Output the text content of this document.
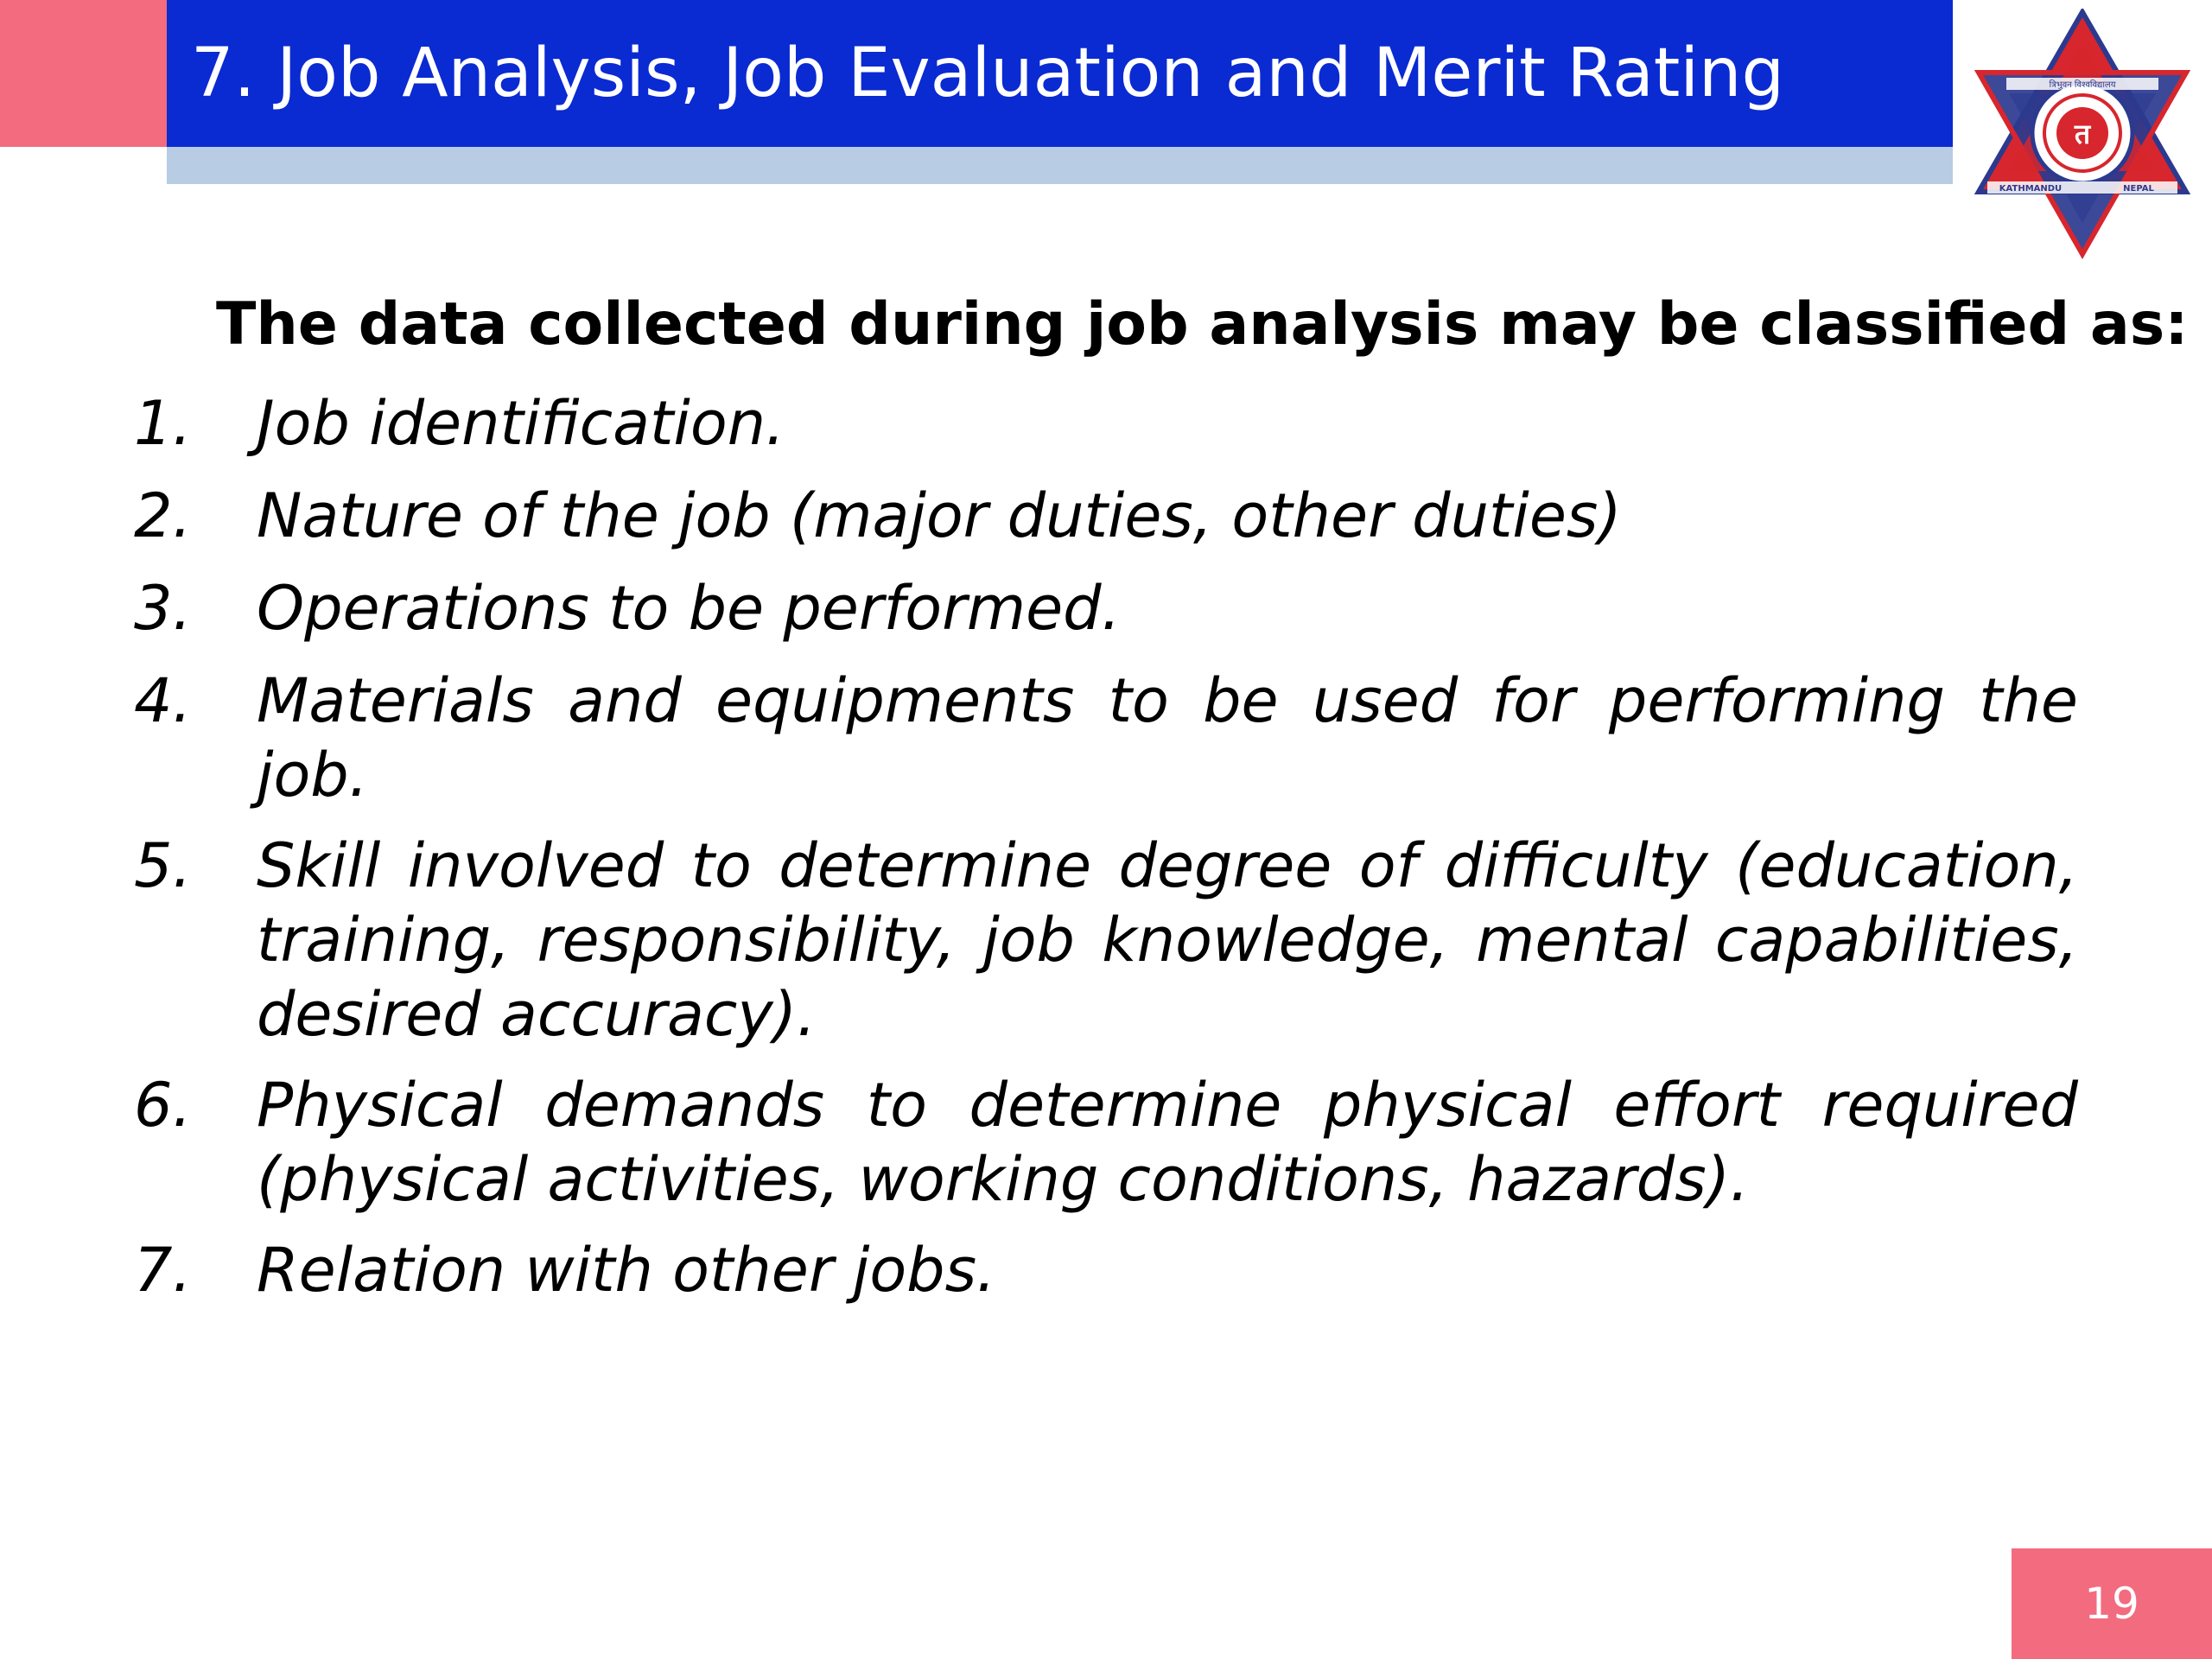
7. Job Analysis, Job Evaluation and Merit Rating
त
त्रिभुवन विश्वविद्यालय
KATHMANDU	NEPAL
The data collected during job analysis may be classified as:
1. Job identification.
2. Nature of the job (major duties, other duties)
3. Operations to be performed.
4. Materials and equipments to be used for performing the job.
5. Skill involved to determine degree of difficulty (education, training, responsibility, job knowledge, mental capabilities, desired accuracy).
6. Physical demands to determine physical effort required (physical activities, working conditions, hazards).
7. Relation with other jobs.
19
